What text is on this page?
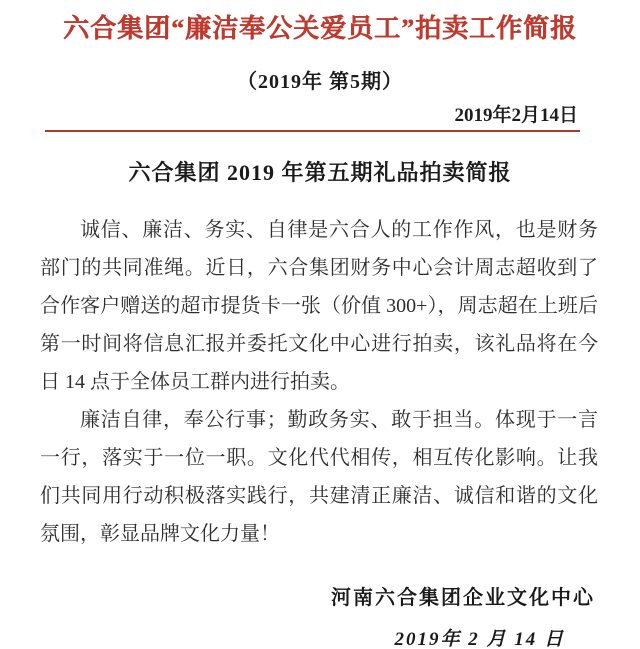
六合集团“廉洁奉公关爱员工”拍卖工作简报
（2019年 第5期）
2019年2月14日
六合集团 2019 年第五期礼品拍卖简报

诚信、廉洁、务实、自律是六合人的工作作风，也是财务部门的共同准绳。近日，六合集团财务中心会计周志超收到了合作客户赠送的超市提货卡一张（价值 300+），周志超在上班后第一时间将信息汇报并委托文化中心进行拍卖，该礼品将在今日 14 点于全体员工群内进行拍卖。

廉洁自律，奉公行事；勤政务实、敢于担当。体现于一言一行，落实于一位一职。文化代代相传，相互传化影响。让我们共同用行动积极落实践行，共建清正廉洁、诚信和谐的文化氛围，彰显品牌文化力量！

河南六合集团企业文化中心
2019年 2 月 14 日
